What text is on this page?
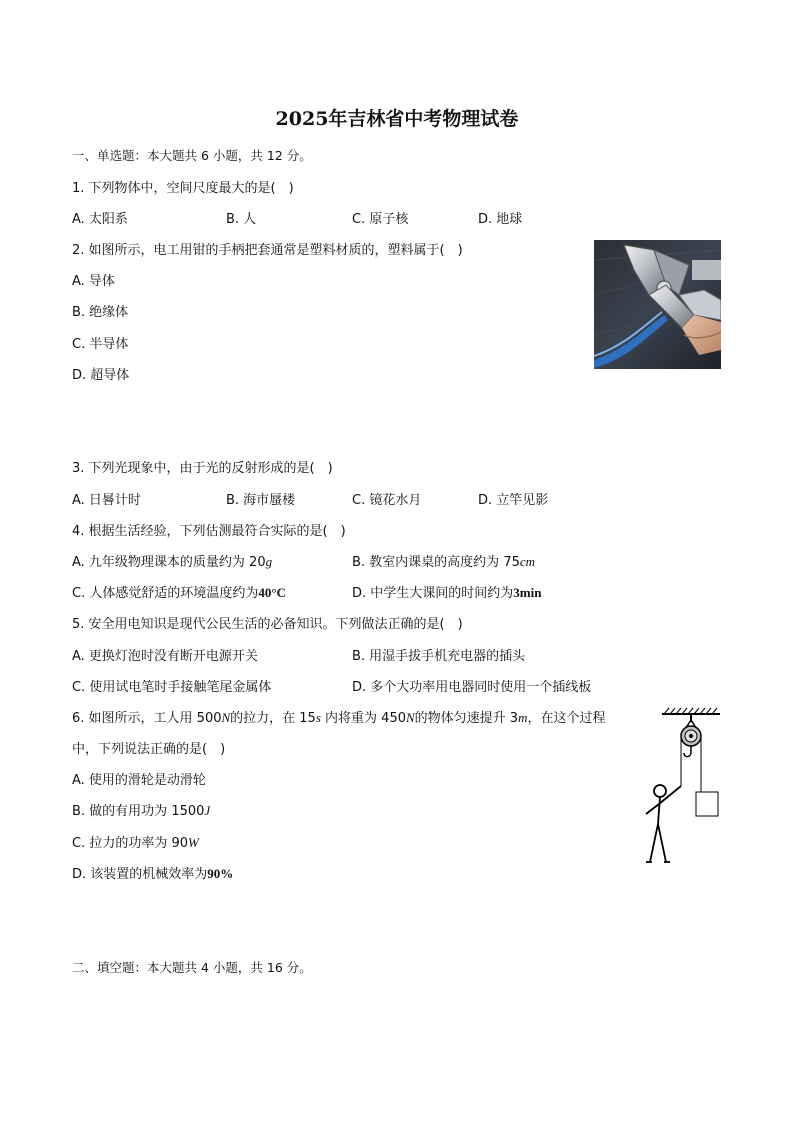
2025年吉林省中考物理试卷
一、单选题：本大题共 6 小题，共 12 分。
1. 下列物体中，空间尺度最大的是(　)
A. 太阳系	B. 人	C. 原子核	D. 地球
2. 如图所示，电工用钳的手柄把套通常是塑料材质的，塑料属于(　)
A. 导体
B. 绝缘体
C. 半导体
D. 超导体
3. 下列光现象中，由于光的反射形成的是(　)
A. 日晷计时	B. 海市蜃楼	C. 镜花水月	D. 立竿见影
4. 根据生活经验，下列估测最符合实际的是(　)
A. 九年级物理课本的质量约为 20g	B. 教室内课桌的高度约为 75cm
C. 人体感觉舒适的环境温度约为40°C	D. 中学生大课间的时间约为3min
5. 安全用电知识是现代公民生活的必备知识。下列做法正确的是(　)
A. 更换灯泡时没有断开电源开关	B. 用湿手拔手机充电器的插头
C. 使用试电笔时手接触笔尾金属体	D. 多个大功率用电器同时使用一个插线板
6. 如图所示，工人用 500N的拉力，在 15s 内将重为 450N的物体匀速提升 3m，在这个过程
中，下列说法正确的是(　)
A. 使用的滑轮是动滑轮
B. 做的有用功为 1500J
C. 拉力的功率为 90W
D. 该装置的机械效率为90%
二、填空题：本大题共 4 小题，共 16 分。
